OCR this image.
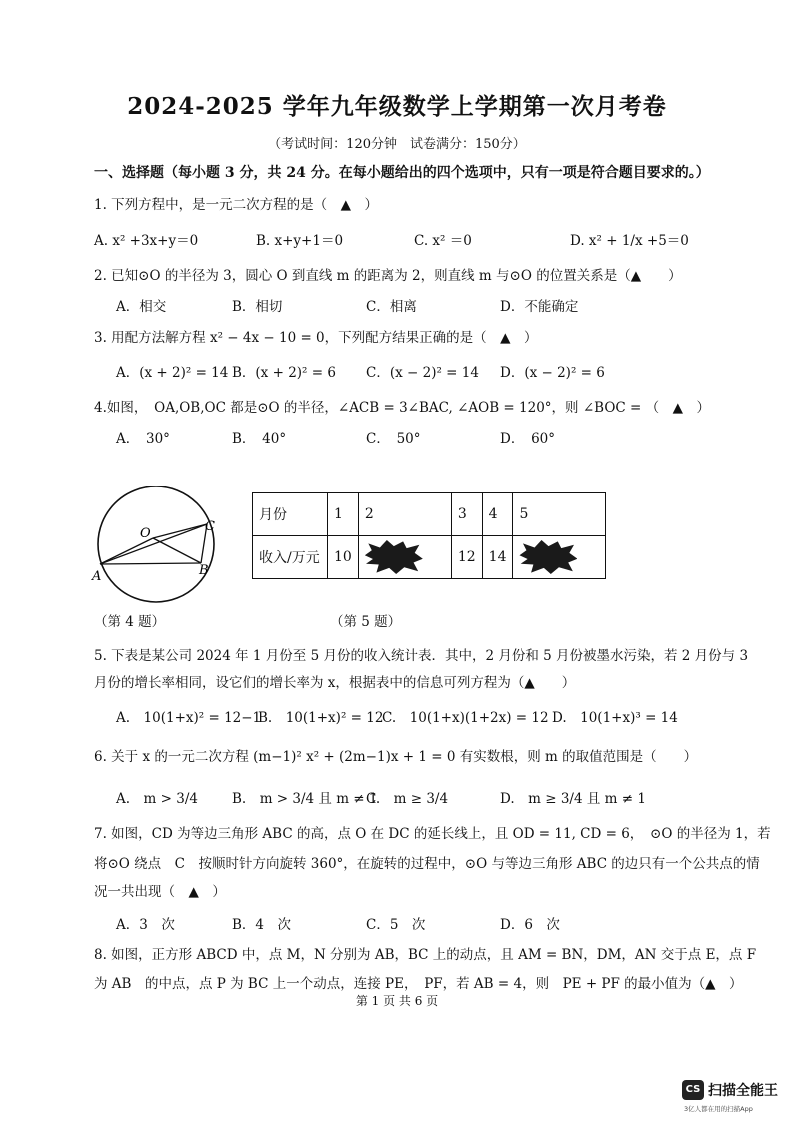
2024-2025 学年九年级数学上学期第一次月考卷
（考试时间：120分钟　试卷满分：150分）
一、选择题（每小题 3 分，共 24 分。在每小题给出的四个选项中，只有一项是符合题目要求的。）
1. 下列方程中，是一元二次方程的是（　▲　）
A. x² +3x+y＝0	B. x+y+1＝0	C. x² ＝0	D. x² + 1/x +5＝0
2. 已知⊙O 的半径为 3，圆心 O 到直线 m 的距离为 2，则直线 m 与⊙O 的位置关系是（▲　　）
A．相交	B．相切	C．相离	D．不能确定
3. 用配方法解方程 x² − 4x − 10 = 0，下列配方结果正确的是（　▲　）
A．(x + 2)² = 14 B．(x + 2)² = 6 C．(x − 2)² = 14 D．(x − 2)² = 6
4.如图，　OA,OB,OC 都是⊙O 的半径，∠ACB = 3∠BAC, ∠AOB = 120°，则 ∠BOC = （　▲　）
A．　30°	B．　40°	C．　50°	D．　60°
O	C
A	B
月份	1	2	3	4	5
收入/万元	10		12	14	
（第 4 题）	（第 5 题）
5. 下表是某公司 2024 年 1 月份至 5 月份的收入统计表．其中，2 月份和 5 月份被墨水污染，若 2 月份与 3
月份的增长率相同，设它们的增长率为 x，根据表中的信息可列方程为（▲　　）
A.　10(1+x)² = 12−1
B.　10(1+x)² = 12
C.　10(1+x)(1+2x) = 12 D.　10(1+x)³ = 14
6. 关于 x 的一元二次方程 (m−1)² x² + (2m−1)x + 1 = 0 有实数根，则 m 的取值范围是（　　）
A.　m > 3/4	B.　m > 3/4 且 m ≠ 1
C.　m ≥ 3/4	D.　m ≥ 3/4 且 m ≠ 1
7. 如图，CD 为等边三角形 ABC 的高，点 O 在 DC 的延长线上，且 OD = 11, CD = 6，　⊙O 的半径为 1，若
将⊙O 绕点　C　按顺时针方向旋转 360°，在旋转的过程中，⊙O 与等边三角形 ABC 的边只有一个公共点的情
况一共出现（　▲　）
A．3　次	B．4　次	C．5　次	D．6　次
8. 如图，正方形 ABCD 中，点 M，N 分别为 AB，BC 上的动点，且 AM = BN，DM，AN 交于点 E，点 F
为 AB　的中点，点 P 为 BC 上一个动点，连接 PE，　PF，若 AB = 4，则　PE + PF 的最小值为（▲　）
第 1 页 共 6 页
CS 扫描全能王
3亿人都在用的扫描App
